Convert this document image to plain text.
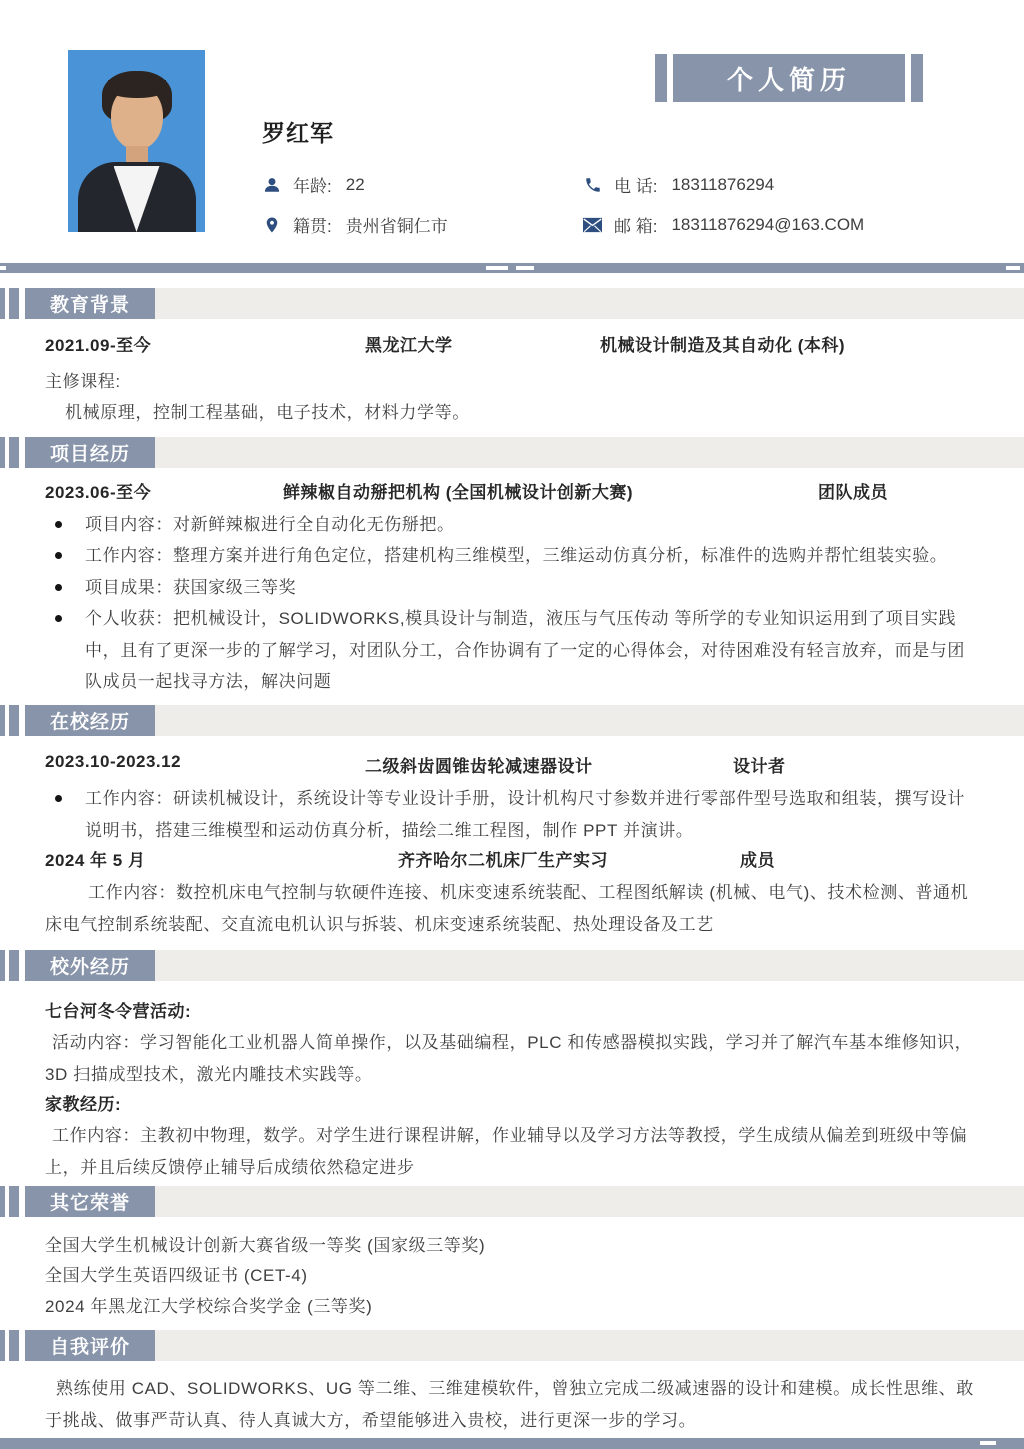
罗红军
年龄: 22
籍贯: 贵州省铜仁市
电 话: 18311876294
邮 箱: 18311876294@163.COM
个人简历
教育背景
2021.09-至今	黑龙江大学	机械设计制造及其自动化 (本科)
主修课程:
机械原理，控制工程基础，电子技术，材料力学等。
项目经历
2023.06-至今	鲜辣椒自动掰把机构 (全国机械设计创新大赛)	团队成员
项目内容：对新鲜辣椒进行全自动化无伤掰把。
工作内容：整理方案并进行角色定位，搭建机构三维模型，三维运动仿真分析，标准件的选购并帮忙组装实验。
项目成果：获国家级三等奖
个人收获：把机械设计，SOLIDWORKS,模具设计与制造，液压与气压传动 等所学的专业知识运用到了项目实践中，且有了更深一步的了解学习，对团队分工，合作协调有了一定的心得体会，对待困难没有轻言放弃，而是与团队成员一起找寻方法，解决问题
在校经历
2023.10-2023.12	二级斜齿圆锥齿轮减速器设计	设计者
工作内容：研读机械设计，系统设计等专业设计手册，设计机构尺寸参数并进行零部件型号选取和组装，撰写设计说明书，搭建三维模型和运动仿真分析，描绘二维工程图，制作 PPT 并演讲。
2024 年 5 月	齐齐哈尔二机床厂生产实习	成员
工作内容：数控机床电气控制与软硬件连接、机床变速系统装配、工程图纸解读 (机械、电气)、技术检测、普通机床电气控制系统装配、交直流电机认识与拆装、机床变速系统装配、热处理设备及工艺
校外经历
七台河冬令营活动:
活动内容：学习智能化工业机器人简单操作，以及基础编程，PLC 和传感器模拟实践，学习并了解汽车基本维修知识，3D 扫描成型技术，激光内雕技术实践等。
家教经历:
工作内容：主教初中物理，数学。对学生进行课程讲解，作业辅导以及学习方法等教授，学生成绩从偏差到班级中等偏上，并且后续反馈停止辅导后成绩依然稳定进步
其它荣誉
全国大学生机械设计创新大赛省级一等奖 (国家级三等奖)
全国大学生英语四级证书 (CET-4)
2024 年黑龙江大学校综合奖学金 (三等奖)
自我评价
熟练使用 CAD、SOLIDWORKS、UG 等二维、三维建模软件，曾独立完成二级减速器的设计和建模。成长性思维、敢于挑战、做事严苛认真、待人真诚大方，希望能够进入贵校，进行更深一步的学习。
